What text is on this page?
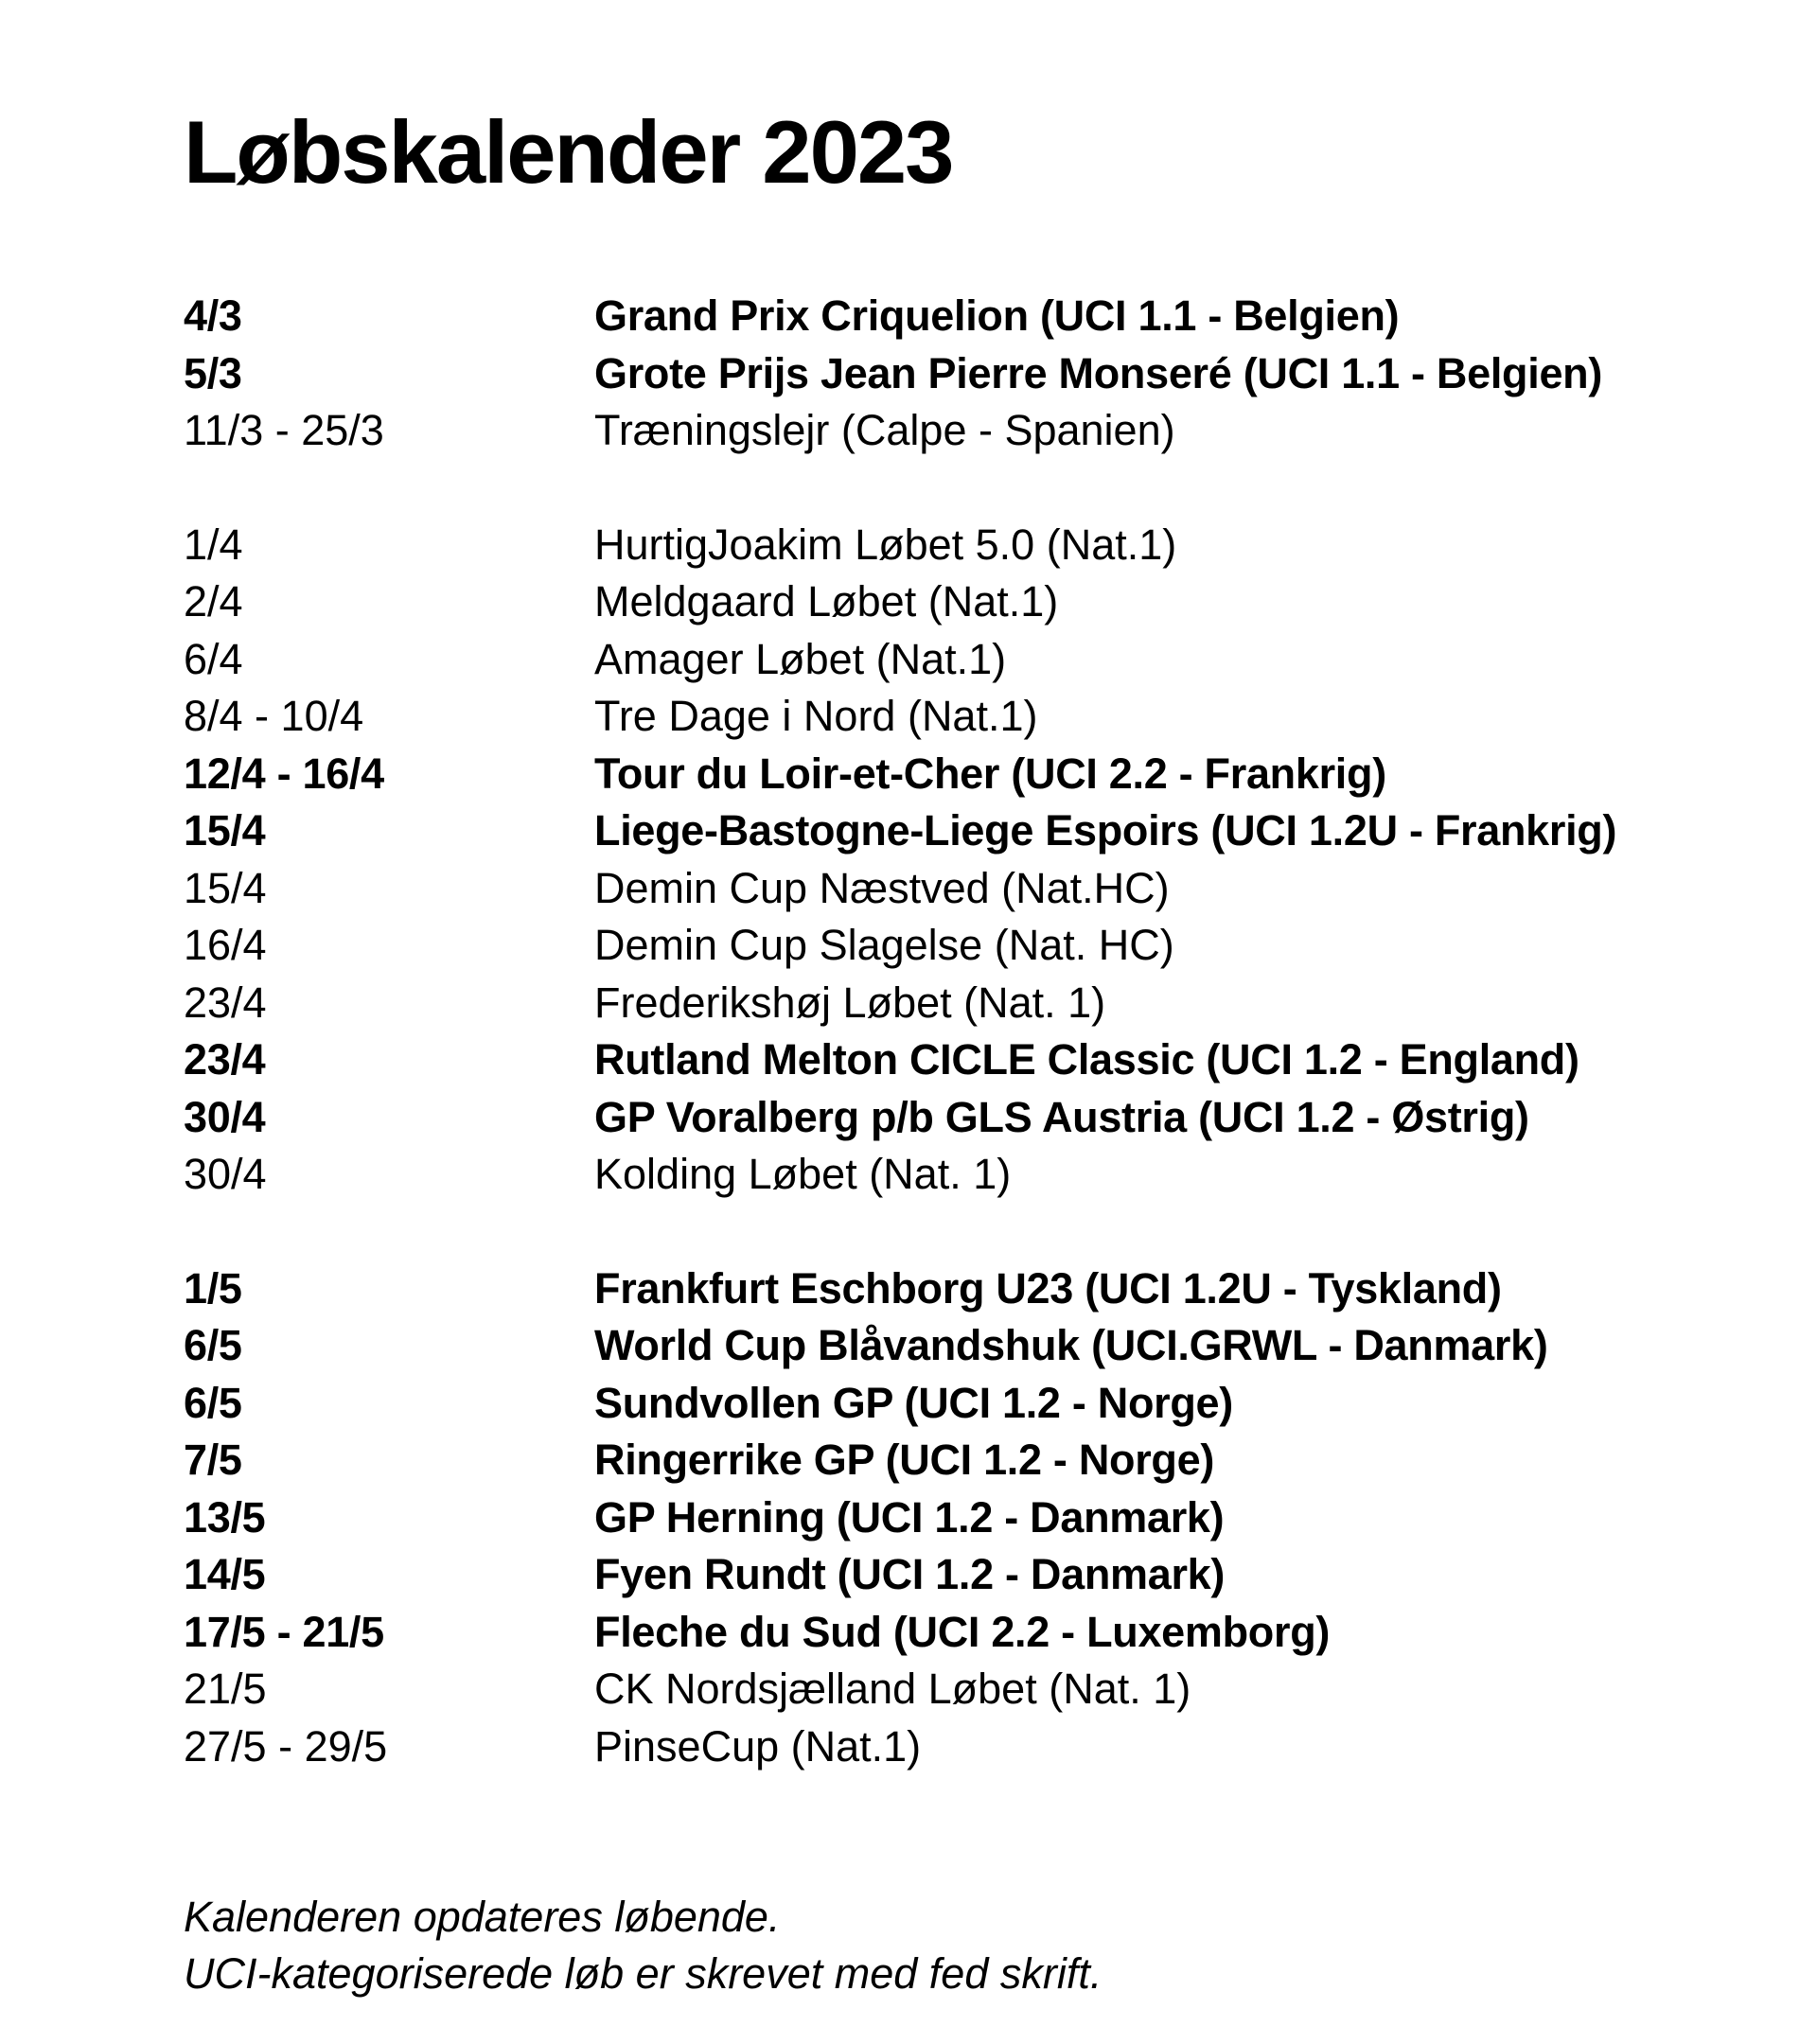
Løbskalender 2023
4/3	Grand Prix Criquelion (UCI 1.1 - Belgien)
5/3	Grote Prijs Jean Pierre Monseré (UCI 1.1 - Belgien)
11/3 - 25/3	Træningslejr (Calpe - Spanien)
1/4	HurtigJoakim Løbet 5.0 (Nat.1)
2/4	Meldgaard Løbet (Nat.1)
6/4	Amager Løbet (Nat.1)
8/4 - 10/4	Tre Dage i Nord (Nat.1)
12/4 - 16/4	Tour du Loir-et-Cher (UCI 2.2 - Frankrig)
15/4	Liege-Bastogne-Liege Espoirs (UCI 1.2U - Frankrig)
15/4	Demin Cup Næstved (Nat.HC)
16/4	Demin Cup Slagelse (Nat. HC)
23/4	Frederikshøj Løbet (Nat. 1)
23/4	Rutland Melton CICLE Classic (UCI 1.2 - England)
30/4	GP Voralberg p/b GLS Austria (UCI 1.2 - Østrig)
30/4	Kolding Løbet (Nat. 1)
1/5	Frankfurt Eschborg U23 (UCI 1.2U - Tyskland)
6/5	World Cup Blåvandshuk (UCI.GRWL - Danmark)
6/5	Sundvollen GP (UCI 1.2 - Norge)
7/5	Ringerrike GP (UCI 1.2 - Norge)
13/5	GP Herning (UCI 1.2 - Danmark)
14/5	Fyen Rundt (UCI 1.2 - Danmark)
17/5 - 21/5	Fleche du Sud (UCI 2.2 - Luxemborg)
21/5	CK Nordsjælland Løbet (Nat. 1)
27/5 - 29/5	PinseCup (Nat.1)
Kalenderen opdateres løbende.
UCI-kategoriserede løb er skrevet med fed skrift.
